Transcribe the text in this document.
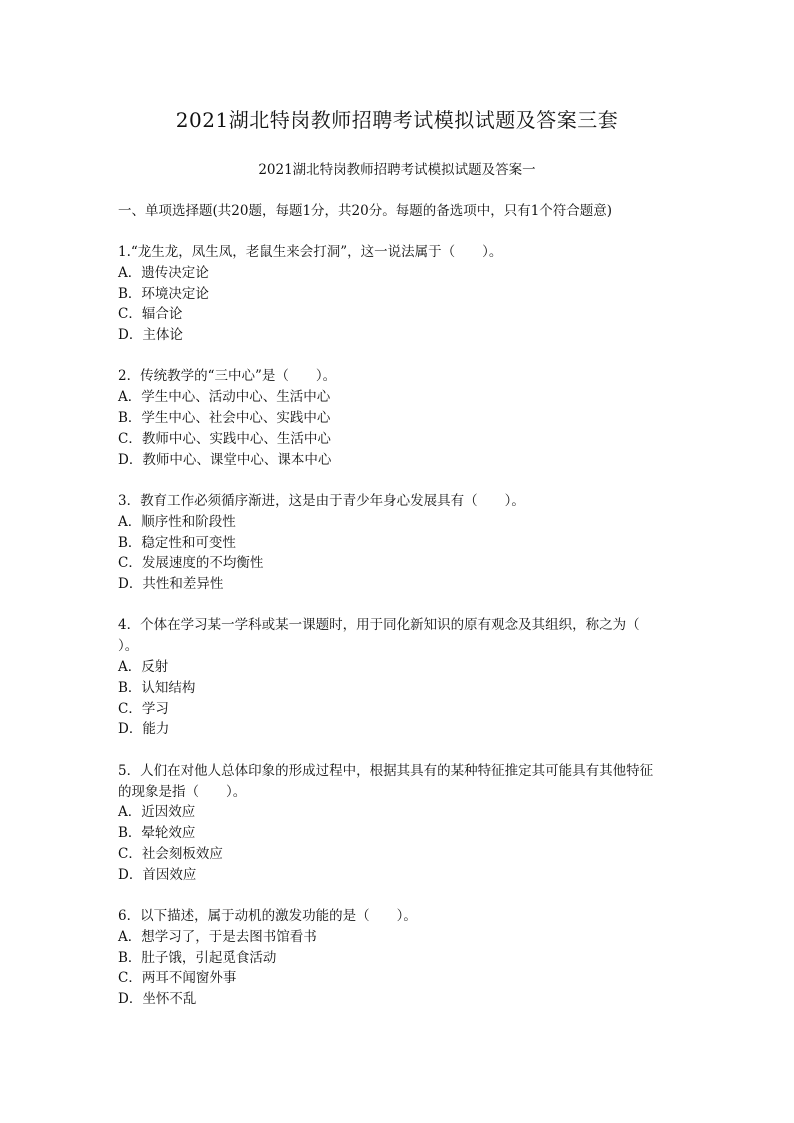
2021湖北特岗教师招聘考试模拟试题及答案三套
2021湖北特岗教师招聘考试模拟试题及答案一
一、单项选择题(共20题，每题1分，共20分。每题的备选项中，只有1个符合题意)
1.“龙生龙，凤生凤，老鼠生来会打洞”，这一说法属于（　　）。
A．遗传决定论
B．环境决定论
C．辐合论
D．主体论
2．传统教学的“三中心”是（　　）。
A．学生中心、活动中心、生活中心
B．学生中心、社会中心、实践中心
C．教师中心、实践中心、生活中心
D．教师中心、课堂中心、课本中心
3．教育工作必须循序渐进，这是由于青少年身心发展具有（　　）。
A．顺序性和阶段性
B．稳定性和可变性
C．发展速度的不均衡性
D．共性和差异性
4．个体在学习某一学科或某一课题时，用于同化新知识的原有观念及其组织，称之为（
）。
A．反射
B．认知结构
C．学习
D．能力
5．人们在对他人总体印象的形成过程中，根据其具有的某种特征推定其可能具有其他特征
的现象是指（　　）。
A．近因效应
B．晕轮效应
C．社会刻板效应
D．首因效应
6．以下描述，属于动机的激发功能的是（　　）。
A．想学习了，于是去图书馆看书
B．肚子饿，引起觅食活动
C．两耳不闻窗外事
D．坐怀不乱
